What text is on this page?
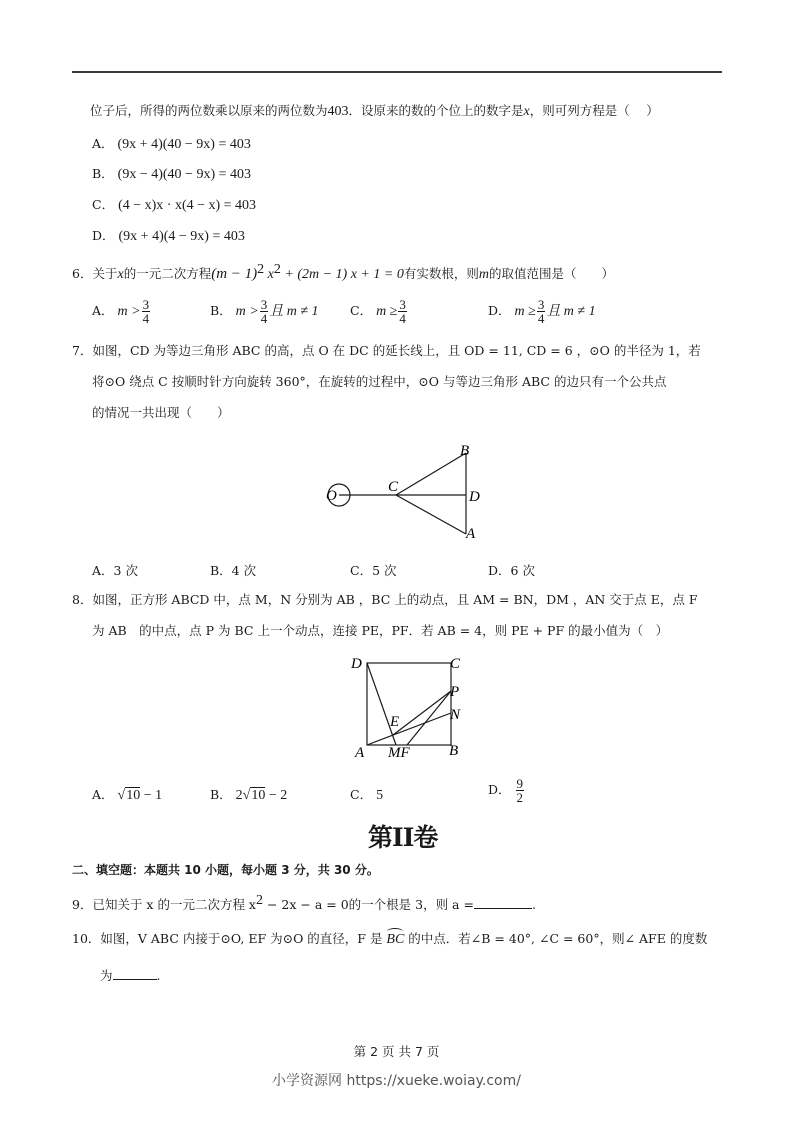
位子后，所得的两位数乘以原来的两位数为403．设原来的数的个位上的数字是x，则可列方程是（　 ）
A． (9x + 4)(40 − 9x) = 403
B． (9x − 4)(40 − 9x) = 403
C． (4 − x)x · x(4 − x) = 403
D． (9x + 4)(4 − 9x) = 403
6．关于x的一元二次方程$(m - 1)^2$ $x^2 + (2m - 1) x + 1 = 0$有实数根，则m的取值范围是（　　）
A． $m > \frac{3}{4}$	B． $m > \frac{3}{4}$ 且 m ≠ 1	C． $m \ge \frac{3}{4}$	D． $m \ge \frac{3}{4}$ 且 m ≠ 1
7．如图，CD 为等边三角形 ABC 的高，点 O 在 DC 的延长线上，且 OD = 11, CD = 6 ，⊙O 的半径为 1，若
将⊙O 绕点 C 按顺时针方向旋转 360°，在旋转的过程中，⊙O 与等边三角形 ABC 的边只有一个公共点
的情况一共出现（　　）
O
C
B
D
A
A．3 次	B．4 次	C．5 次	D．6 次
8．如图，正方形 ABCD 中，点 M，N 分别为 AB ，BC 上的动点，且 AM = BN，DM ，AN 交于点 E，点 F
为 AB　的中点，点 P 为 BC 上一个动点，连接 PE，PF．若 AB = 4，则 PE + PF 的最小值为（　）
D	C
P
N
E
A MF	B
A． √10 − 1	B． 2√10 − 2	C． 5	D． $\frac{9}{2}$
第II卷
二、填空题：本题共 10 小题，每小题 3 分，共 30 分。
9．已知关于 x 的一元二次方程 $x^2 - 2x - a = 0$的一个根是 3，则 a =	.
10．如图，V ABC 内接于⊙O, EF 为⊙O 的直径，F 是 BC 的中点．若∠B = 40°, ∠C = 60°，则∠ AFE 的度数
为	.
第 2 页 共 7 页
小学资源网 https://xueke.woiay.com/
